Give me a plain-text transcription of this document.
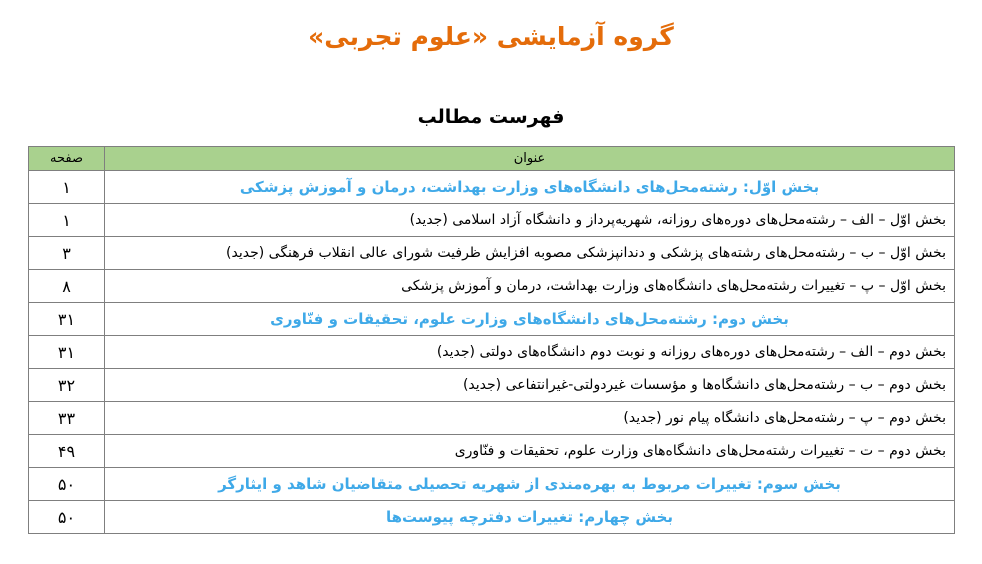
گروه آزمایشی «علوم تجربی»
فهرست مطالب
عنوان	صفحه
بخش اوّل: رشته‌محل‌های دانشگاه‌های وزارت بهداشت، درمان و آموزش پزشکی	۱
بخش اوّل – الف – رشته‌محل‌های دوره‌های روزانه، شهریه‌پرداز و دانشگاه آزاد اسلامی (جدید)	۱
بخش اوّل – ب – رشته‌محل‌های رشته‌های پزشکی و دندانپزشکی مصوبه افزایش ظرفیت شورای عالی انقلاب فرهنگی (جدید)	۳
بخش اوّل – پ – تغییرات رشته‌محل‌های دانشگاه‌های وزارت بهداشت، درمان و آموزش پزشکی	۸
بخش دوم: رشته‌محل‌های دانشگاه‌های وزارت علوم، تحقیقات و فنّاوری	۳۱
بخش دوم – الف – رشته‌محل‌های دوره‌های روزانه و نوبت دوم دانشگاه‌های دولتی (جدید)	۳۱
بخش دوم – ب – رشته‌محل‌های دانشگاه‌ها و مؤسسات غیردولتی-غیرانتفاعی (جدید)	۳۲
بخش دوم – پ – رشته‌محل‌های دانشگاه پیام نور (جدید)	۳۳
بخش دوم – ت – تغییرات رشته‌محل‌های دانشگاه‌های وزارت علوم، تحقیقات و فنّاوری	۴۹
بخش سوم: تغییرات مربوط به بهره‌مندی از شهریه تحصیلی متقاضیان شاهد و ایثارگر	۵۰
بخش چهارم: تغییرات دفترچه پیوست‌ها	۵۰
